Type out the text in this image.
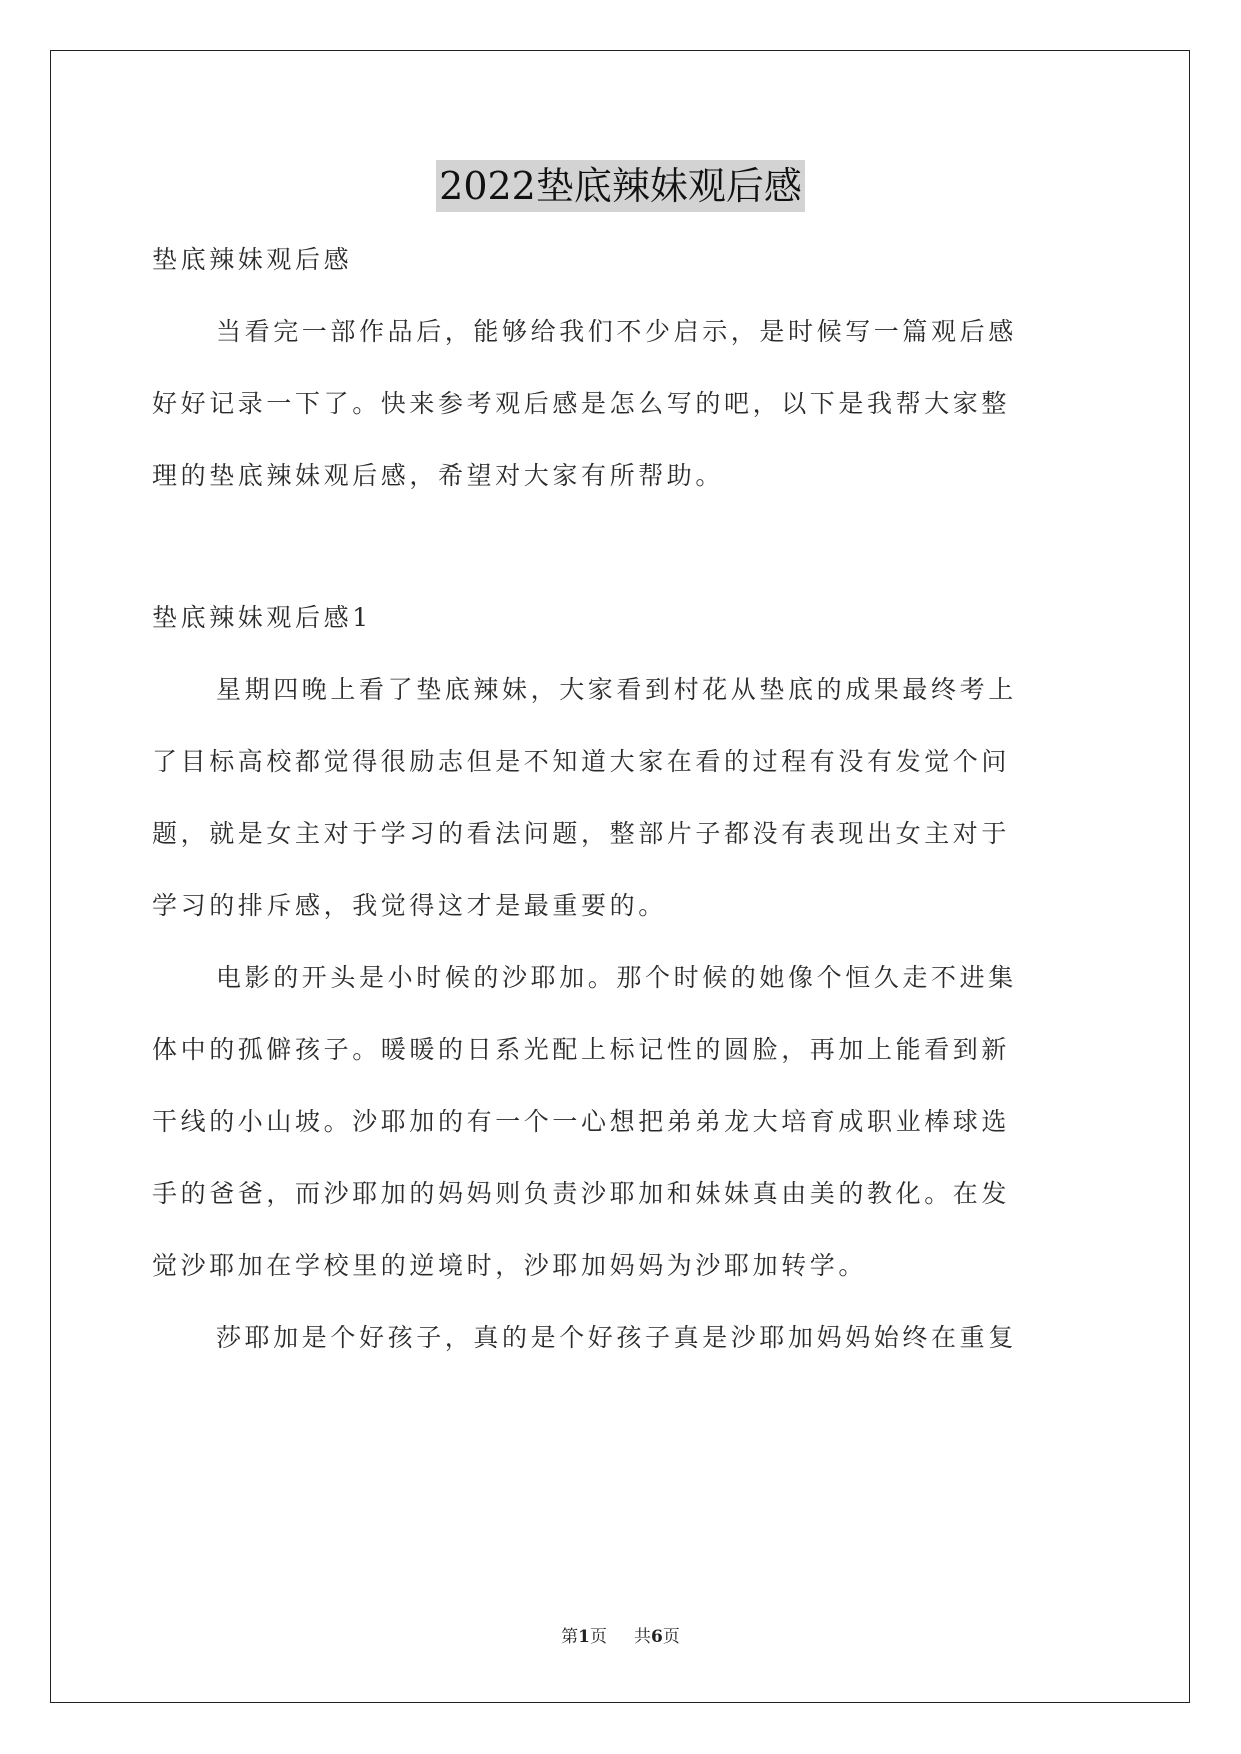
2022垫底辣妹观后感
垫底辣妹观后感
当看完一部作品后，能够给我们不少启示，是时候写一篇观后感
好好记录一下了。快来参考观后感是怎么写的吧，以下是我帮大家整
理的垫底辣妹观后感，希望对大家有所帮助。
垫底辣妹观后感1
星期四晚上看了垫底辣妹，大家看到村花从垫底的成果最终考上
了目标高校都觉得很励志但是不知道大家在看的过程有没有发觉个问
题，就是女主对于学习的看法问题，整部片子都没有表现出女主对于
学习的排斥感，我觉得这才是最重要的。
电影的开头是小时候的沙耶加。那个时候的她像个恒久走不进集
体中的孤僻孩子。暖暖的日系光配上标记性的圆脸，再加上能看到新
干线的小山坡。沙耶加的有一个一心想把弟弟龙大培育成职业棒球选
手的爸爸，而沙耶加的妈妈则负责沙耶加和妹妹真由美的教化。在发
觉沙耶加在学校里的逆境时，沙耶加妈妈为沙耶加转学。
莎耶加是个好孩子，真的是个好孩子真是沙耶加妈妈始终在重复
第1页 共6页
